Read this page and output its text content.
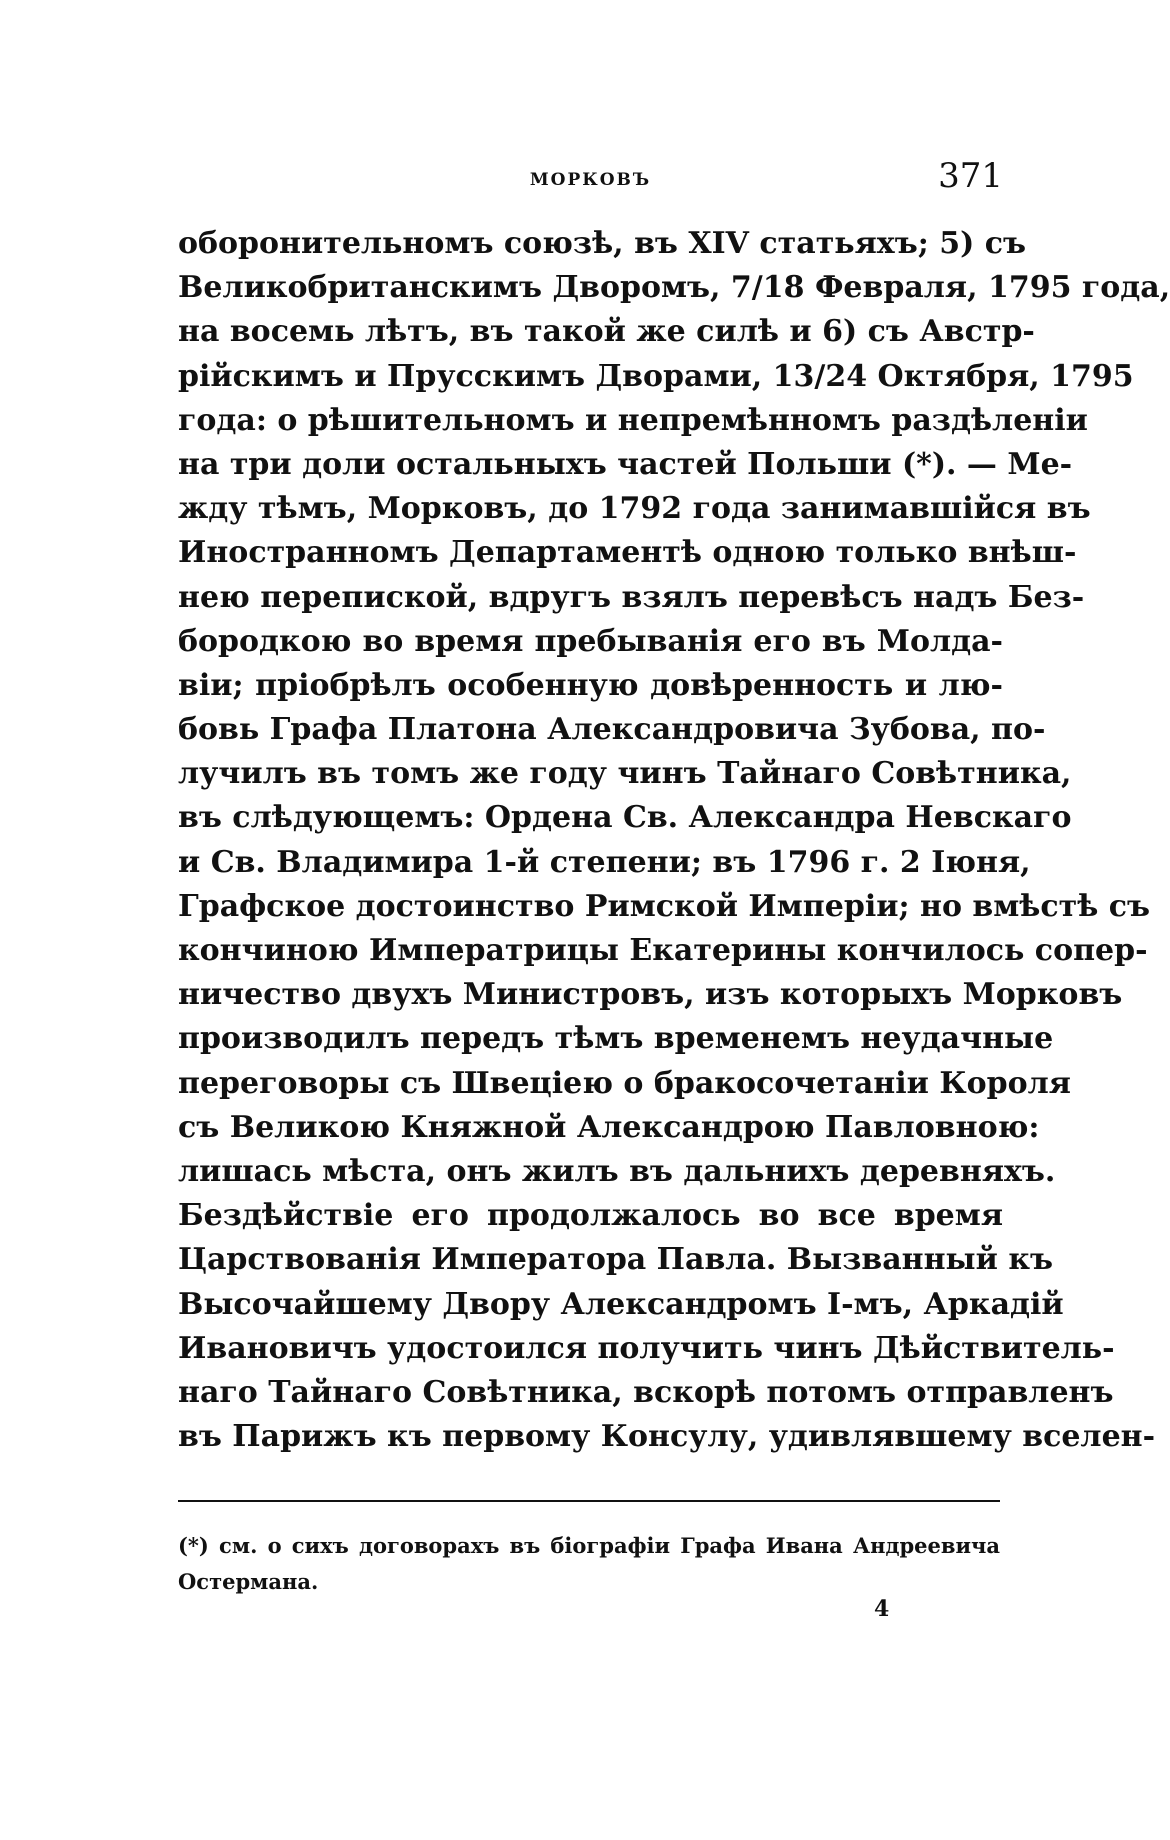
морковъ	371
оборонительномъ союзѣ, въ XIV статьяхъ; 5) съ
Великобританскимъ Дворомъ, 7/18 Февраля, 1795 года,
на восемь лѣтъ, въ такой же силѣ и 6) съ Австр-
рійскимъ и Прусскимъ Дворами, 13/24 Октября, 1795
года: о рѣшительномъ и непремѣнномъ раздѣленіи
на три доли остальныхъ частей Польши (*). — Ме-
жду тѣмъ, Морковъ, до 1792 года занимавшійся въ
Иностранномъ Департаментѣ одною только внѣш-
нею перепиской, вдругъ взялъ перевѣсъ надъ Без-
бородкою во время пребыванія его въ Молда-
віи; пріобрѣлъ особенную довѣренность и лю-
бовь Графа Платона Александровича Зубова, по-
лучилъ въ томъ же году чинъ Тайнаго Совѣтника,
въ слѣдующемъ: Ордена Св. Александра Невскаго
и Св. Владимира 1-й степени; въ 1796 г. 2 Іюня,
Графское достоинство Римской Имперіи; но вмѣстѣ съ
кончиною Императрицы Екатерины кончилось сопер-
ничество двухъ Министровъ, изъ которыхъ Морковъ
производилъ передъ тѣмъ временемъ неудачные
переговоры съ Швеціею о бракосочетаніи Короля
съ Великою Княжной Александрою Павловною:
лишась мѣста, онъ жилъ въ дальнихъ деревняхъ.
Бездѣйствіе его продолжалось во все время
Царствованія Императора Павла. Вызванный къ
Высочайшему Двору Александромъ І-мъ, Аркадій
Ивановичъ удостоился получить чинъ Дѣйствитель-
наго Тайнаго Совѣтника, вскорѣ потомъ отправленъ
въ Парижъ къ первому Консулу, удивлявшему вселен-
(*) см. о сихъ договорахъ въ біографіи Графа Ивана Андреевича
Остермана.
4
